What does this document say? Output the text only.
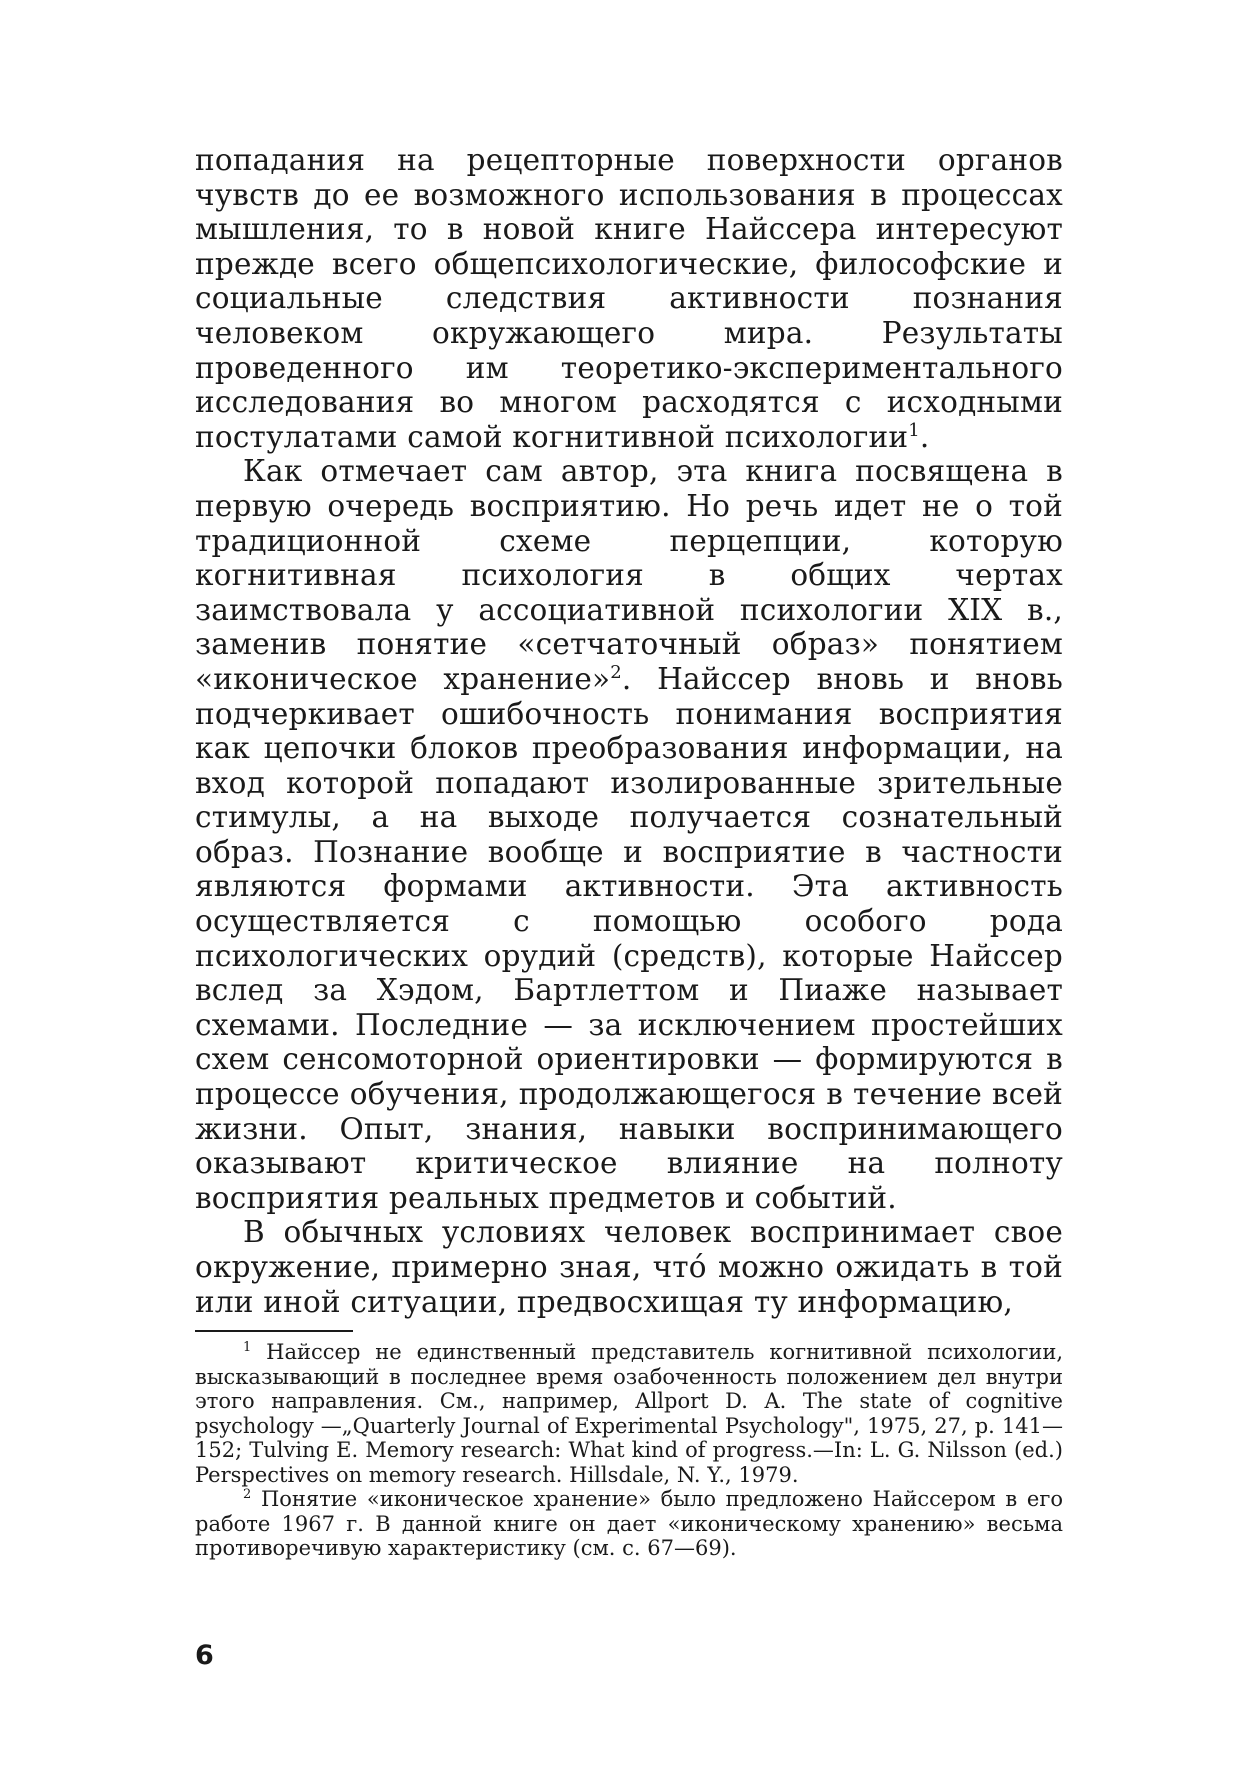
попадания на рецепторные поверхности органов чувств до ее возможного использования в процессах мышления, то в новой книге Найссера интересуют прежде всего общепсихологические, философские и социальные следствия активности познания человеком окружающего мира. Результаты проведенного им теоретико-экспериментального исследования во многом расходятся с исходными постулатами самой когнитивной психологии$^1$.

Как отмечает сам автор, эта книга посвящена в первую очередь восприятию. Но речь идет не о той традиционной схеме перцепции, которую когнитивная психология в общих чертах заимствовала у ассоциативной психологии XIX в., заменив понятие «сетчаточный образ» понятием «иконическое хранение»$^2$. Найссер вновь и вновь подчеркивает ошибочность понимания восприятия как цепочки блоков преобразования информации, на вход которой попадают изолированные зрительные стимулы, а на выходе получается сознательный образ. Познание вообще и восприятие в частности являются формами активности. Эта активность осуществляется с помощью особого рода психологических орудий (средств), которые Найссер вслед за Хэдом, Бартлеттом и Пиаже называет схемами. Последние — за исключением простейших схем сенсомоторной ориентировки — формируются в процессе обучения, продолжающегося в течение всей жизни. Опыт, знания, навыки воспринимающего оказывают критическое влияние на полноту восприятия реальных предметов и событий.

В обычных условиях человек воспринимает свое окружение, примерно зная, что́ можно ожидать в той или иной ситуации, предвосхищая ту информацию,

$^1$ Найссер не единственный представитель когнитивной психологии, высказывающий в последнее время озабоченность положением дел внутри этого направления. См., например, Allport D. A. The state of cognitive psychology —„Quarterly Journal of Experimental Psychology", 1975, 27, p. 141—152; Tulving E. Memory research: What kind of progress.—In: L. G. Nilsson (ed.) Perspectives on memory research. Hillsdale, N. Y., 1979.

$^2$ Понятие «иконическое хранение» было предложено Найссером в его работе 1967 г. В данной книге он дает «иконическому хранению» весьма противоречивую характеристику (см. с. 67—69).

6
